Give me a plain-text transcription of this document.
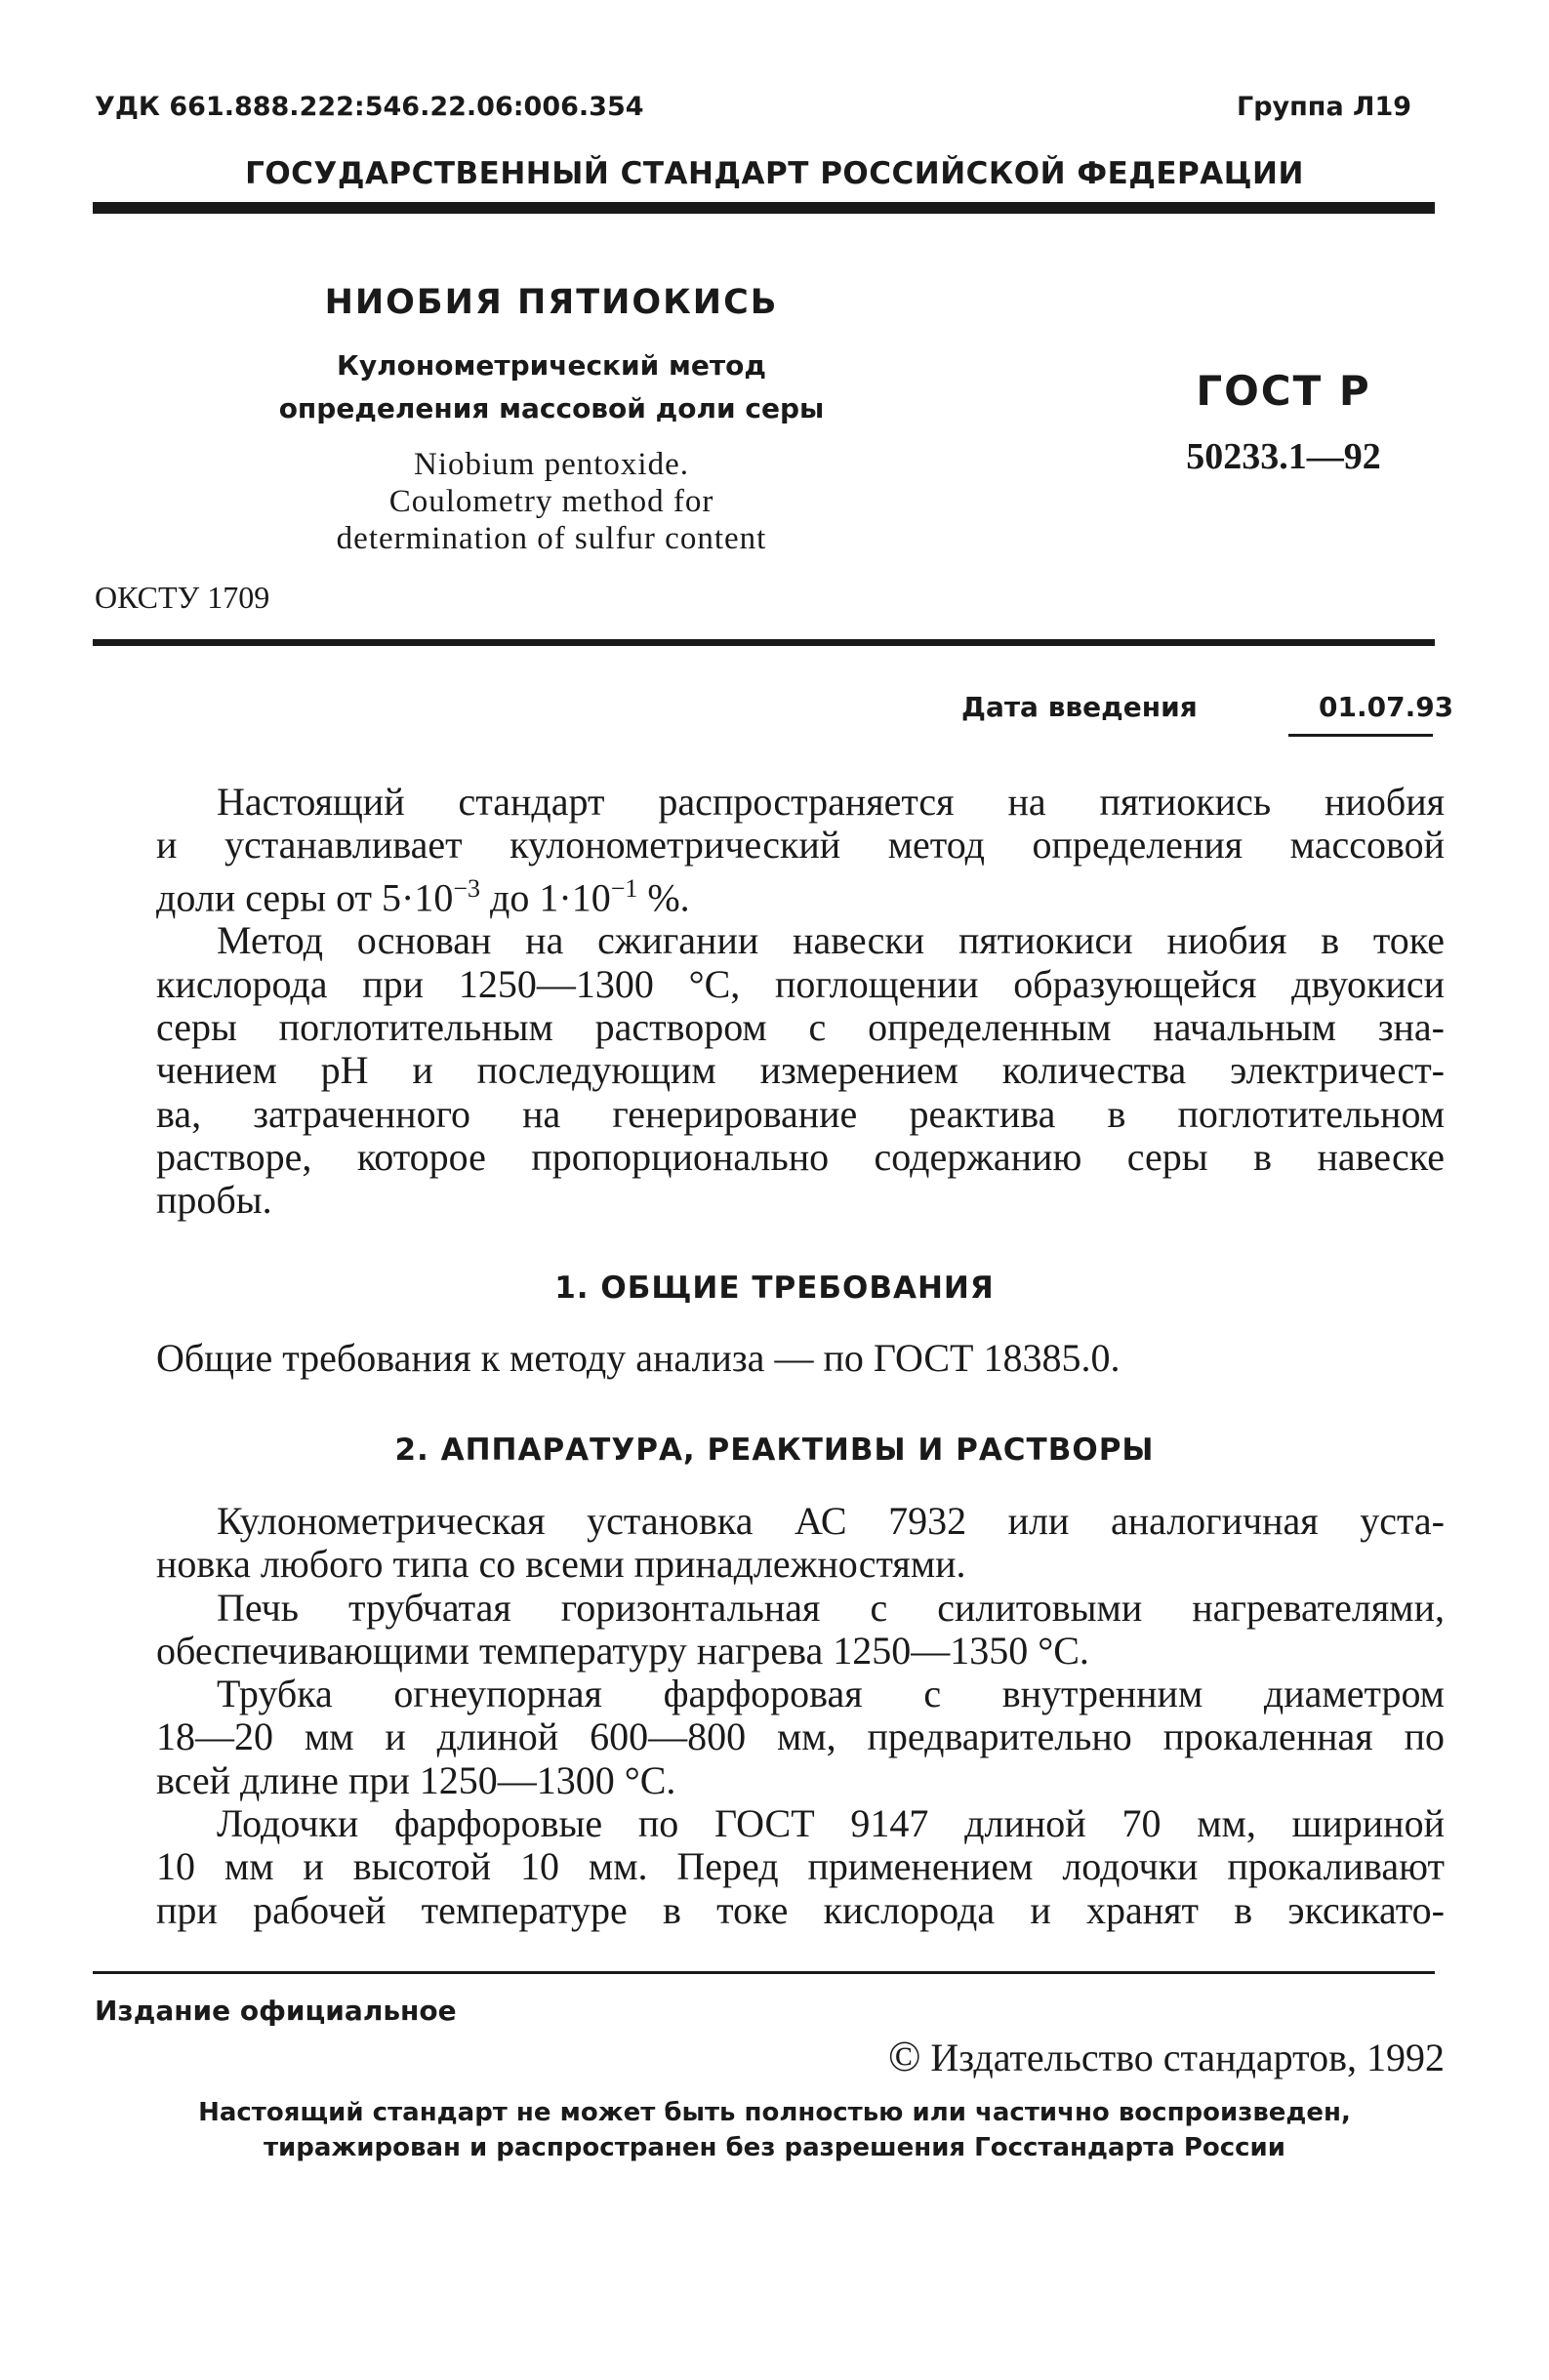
УДК 661.888.222:546.22.06:006.354	Группа Л19
ГОСУДАРСТВЕННЫЙ СТАНДАРТ РОССИЙСКОЙ ФЕДЕРАЦИИ
НИОБИЯ ПЯТИОКИСЬ
Кулонометрический метод
определения массовой доли серы
Niobium pentoxide.
Coulometry method for
determination of sulfur content
ГОСТ Р
50233.1—92
ОКСТУ 1709
Дата введения	01.07.93
Настоящий стандарт распространяется на пятиокись ниобия
и устанавливает кулонометрический метод определения массовой
доли серы от $5\cdot 10^{-3}$ до $1\cdot 10^{-1}$ %.
Метод основан на сжигании навески пятиокиси ниобия в токе
кислорода при 1250—1300 °С, поглощении образующейся двуокиси
серы поглотительным раствором с определенным начальным зна-
чением pH и последующим измерением количества электричест-
ва, затраченного на генерирование реактива в поглотительном
растворе, которое пропорционально содержанию серы в навеске
пробы.
1. ОБЩИЕ ТРЕБОВАНИЯ
Общие требования к методу анализа — по ГОСТ 18385.0.
2. АППАРАТУРА, РЕАКТИВЫ И РАСТВОРЫ
Кулонометрическая установка АС 7932 или аналогичная уста-
новка любого типа со всеми принадлежностями.
Печь трубчатая горизонтальная с силитовыми нагревателями,
обеспечивающими температуру нагрева 1250—1350 °С.
Трубка огнеупорная фарфоровая с внутренним диаметром
18—20 мм и длиной 600—800 мм, предварительно прокаленная по
всей длине при 1250—1300 °С.
Лодочки фарфоровые по ГОСТ 9147 длиной 70 мм, шириной
10 мм и высотой 10 мм. Перед применением лодочки прокаливают
при рабочей температуре в токе кислорода и хранят в эксикато-
Издание официальное
© Издательство стандартов, 1992
Настоящий стандарт не может быть полностью или частично воспроизведен,
тиражирован и распространен без разрешения Госстандарта России
